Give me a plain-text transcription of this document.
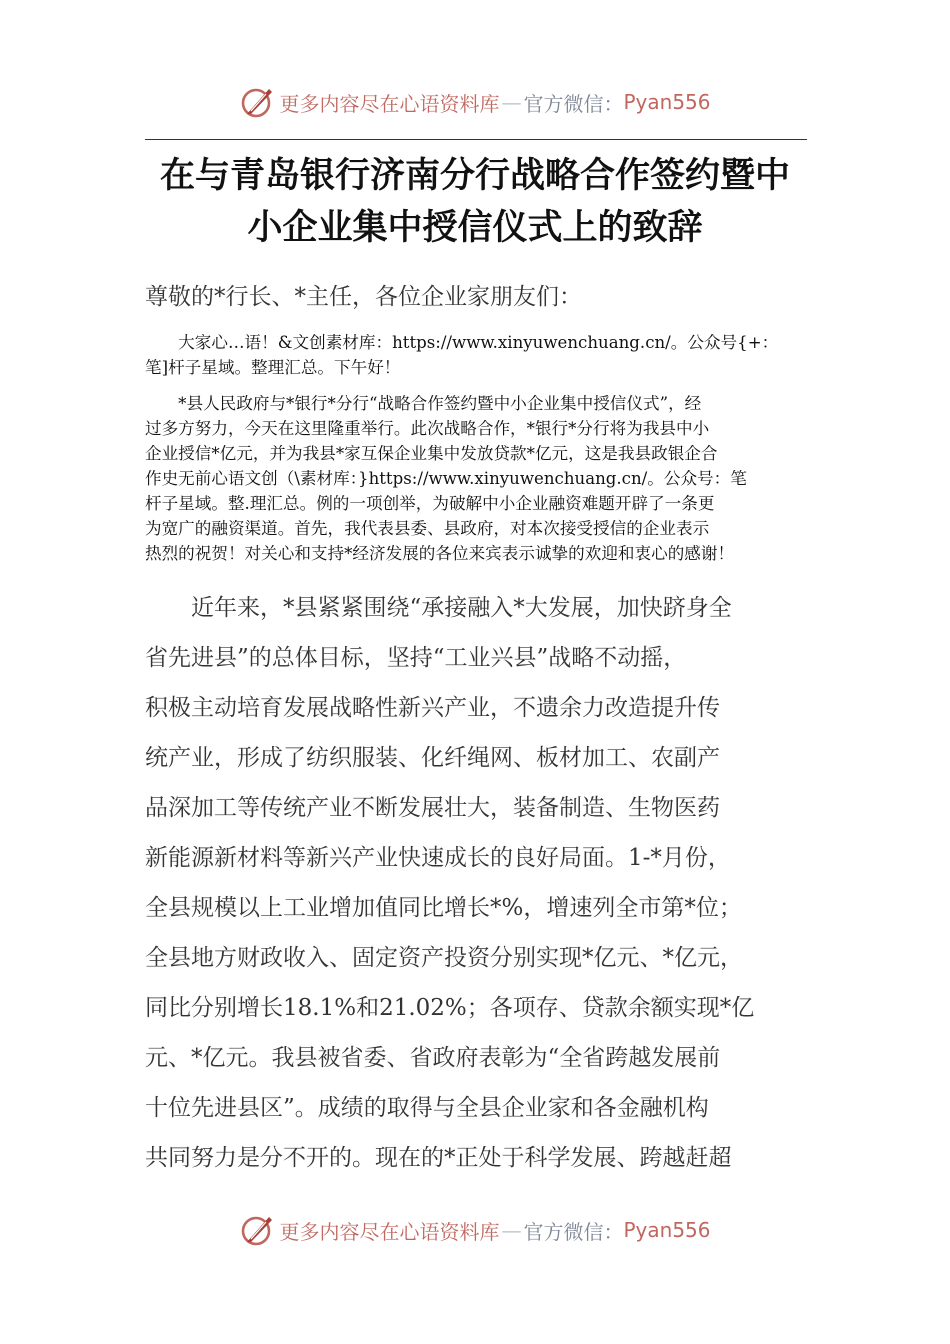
更多内容尽在心语资料库 — 官方微信： Pyan556
在与青岛银行济南分行战略合作签约暨中
小企业集中授信仪式上的致辞
尊敬的*行长、*主任，各位企业家朋友们：
　　大家心…语！&文创素材库：https://www.xinyuwenchuang.cn/。公众号{+：
笔]杆子星域。整理汇总。下午好！
　　*县人民政府与*银行*分行“战略合作签约暨中小企业集中授信仪式”，经
过多方努力，今天在这里隆重举行。此次战略合作，*银行*分行将为我县中小
企业授信*亿元，并为我县*家互保企业集中发放贷款*亿元，这是我县政银企合
作史无前心语文创（\素材库：}https://www.xinyuwenchuang.cn/。公众号：笔
杆子星域。整.理汇总。例的一项创举，为破解中小企业融资难题开辟了一条更
为宽广的融资渠道。首先，我代表县委、县政府，对本次接受授信的企业表示
热烈的祝贺！对关心和支持*经济发展的各位来宾表示诚挚的欢迎和衷心的感谢！
　　近年来，*县紧紧围绕“承接融入*大发展，加快跻身全
省先进县”的总体目标，坚持“工业兴县”战略不动摇，
积极主动培育发展战略性新兴产业，不遗余力改造提升传
统产业，形成了纺织服装、化纤绳网、板材加工、农副产
品深加工等传统产业不断发展壮大，装备制造、生物医药
新能源新材料等新兴产业快速成长的良好局面。1-*月份，
全县规模以上工业增加值同比增长*%，增速列全市第*位；
全县地方财政收入、固定资产投资分别实现*亿元、*亿元，
同比分别增长18.1%和21.02%；各项存、贷款余额实现*亿
元、*亿元。我县被省委、省政府表彰为“全省跨越发展前
十位先进县区”。成绩的取得与全县企业家和各金融机构
共同努力是分不开的。现在的*正处于科学发展、跨越赶超
更多内容尽在心语资料库 — 官方微信： Pyan556
